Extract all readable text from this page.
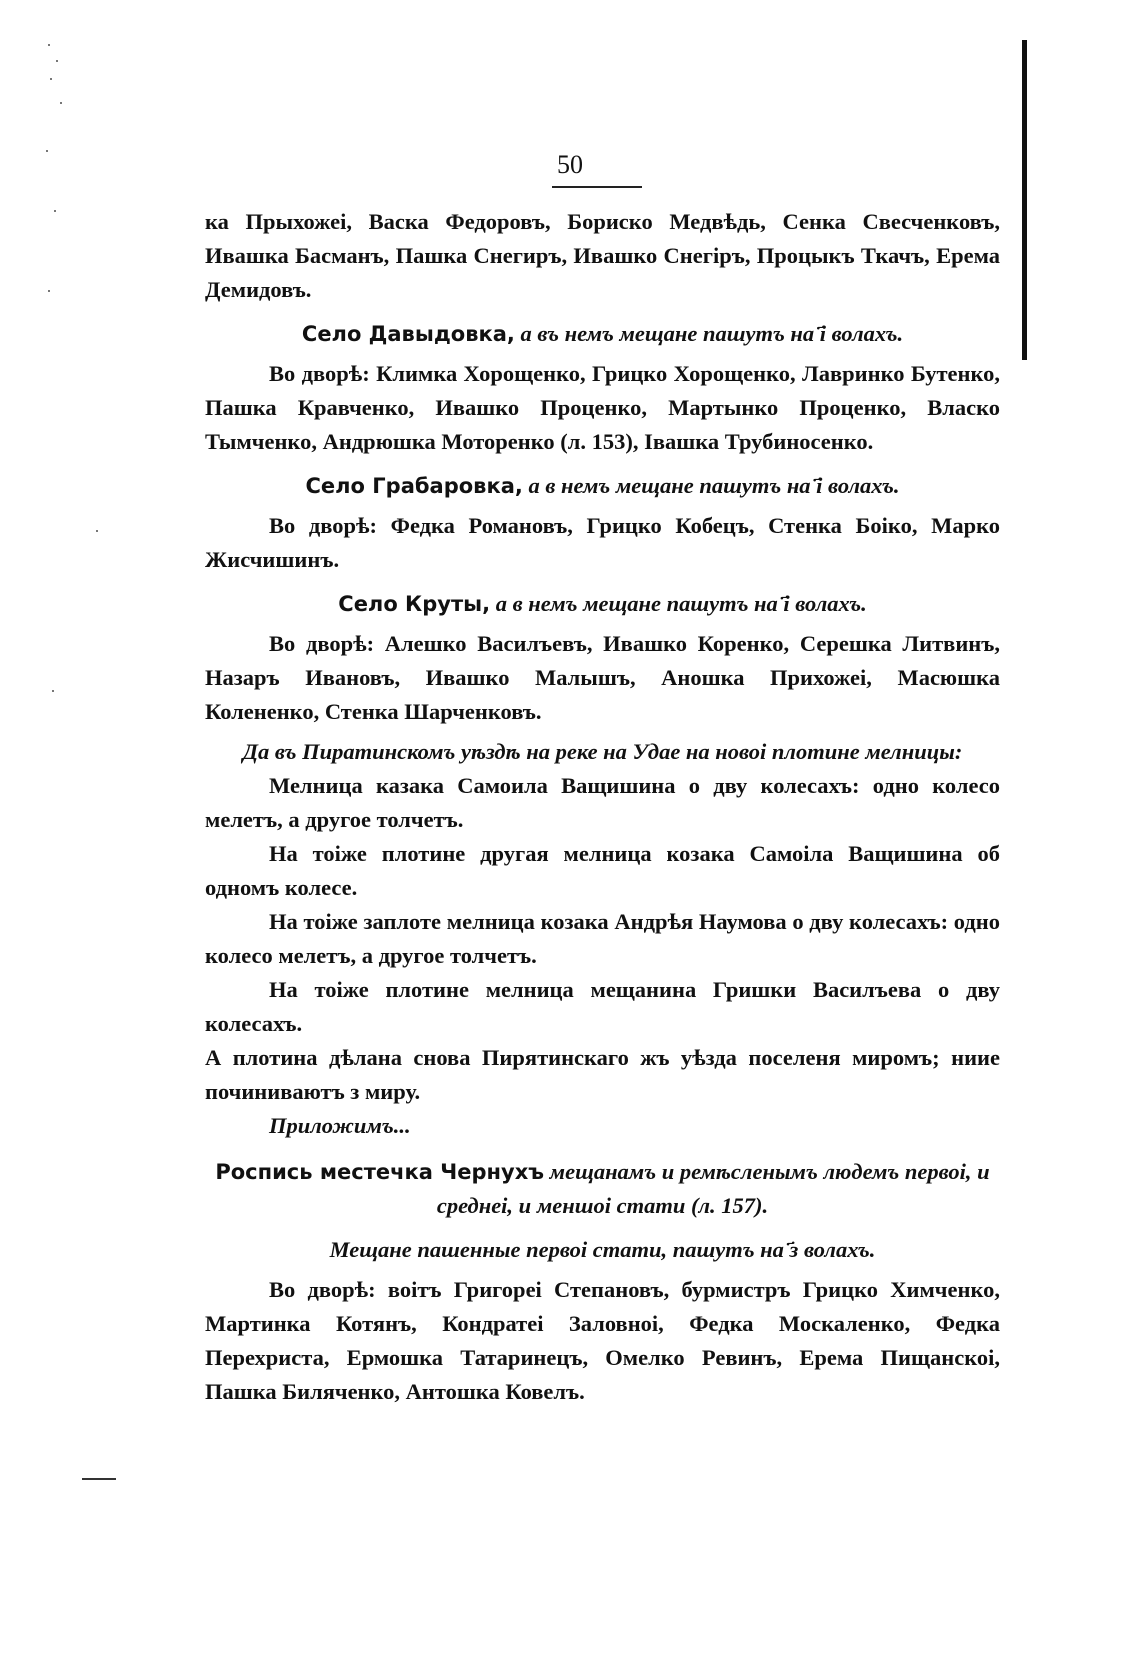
50

ка Прыхожеі, Васка Федоровъ, Бориско Медвѣдь, Сенка Свесченковъ, Ивашка Басманъ, Пашка Снегиръ, Ивашко Снегіръ, Процыкъ Ткачъ, Ерема Демидовъ.

Село Давыдовка, а въ немъ мещане пашутъ на ҃і волахъ.

Во дворѣ: Климка Хорощенко, Грицко Хорощенко, Лавринко Бутенко, Пашка Кравченко, Ивашко Проценко, Мартынко Проценко, Власко Тымченко, Андрюшка Моторенко (л. 153), Івашка Трубиносенко.

Село Грабаровка, а в немъ мещане пашутъ на ҃і волахъ.

Во дворѣ: Федка Романовъ, Грицко Кобецъ, Стенка Боіко, Марко Жисчишинъ.

Село Круты, а в немъ мещане пашутъ на ҃і волахъ.

Во дворѣ: Алешко Василъевъ, Ивашко Коренко, Серешка Литвинъ, Назаръ Ивановъ, Ивашко Малышъ, Аношка Прихожеі, Масюшка Колененко, Стенка Шарченковъ.

Да въ Пиратинскомъ уѣздѣ на реке на Удае на новоі плотине мелницы:

Мелница казака Самоила Ващишина о дву колесахъ: одно колесо мелетъ, а другое толчетъ.

На тоіже плотине другая мелница козака Самоіла Ващишина об одномъ колесе.

На тоіже заплоте мелница козака Андрѣя Наумова о дву колесахъ: одно колесо мелетъ, а другое толчетъ.

На тоіже плотине мелница мещанина Гришки Василъева о дву колесахъ.

А плотина дѣлана снова Пирятинскаго жъ уѣзда поселеня миромъ; ниие починиваютъ з миру.

Приложимъ...

Роспись местечка Чернухъ мещанамъ и ремѣсленымъ людемъ первоі, и среднеі, и меншоі стати (л. 157).

Мещане пашенные первоі стати, пашутъ на ҃з волахъ.

Во дворѣ: воітъ Григореі Степановъ, бурмистръ Грицко Химченко, Мартинка Котянъ, Кондратеі Заловноі, Федка Москаленко, Федка Перехриста, Ермошка Татаринецъ, Омелко Ревинъ, Ерема Пищанскоі, Пашка Биляченко, Антошка Ковелъ.
